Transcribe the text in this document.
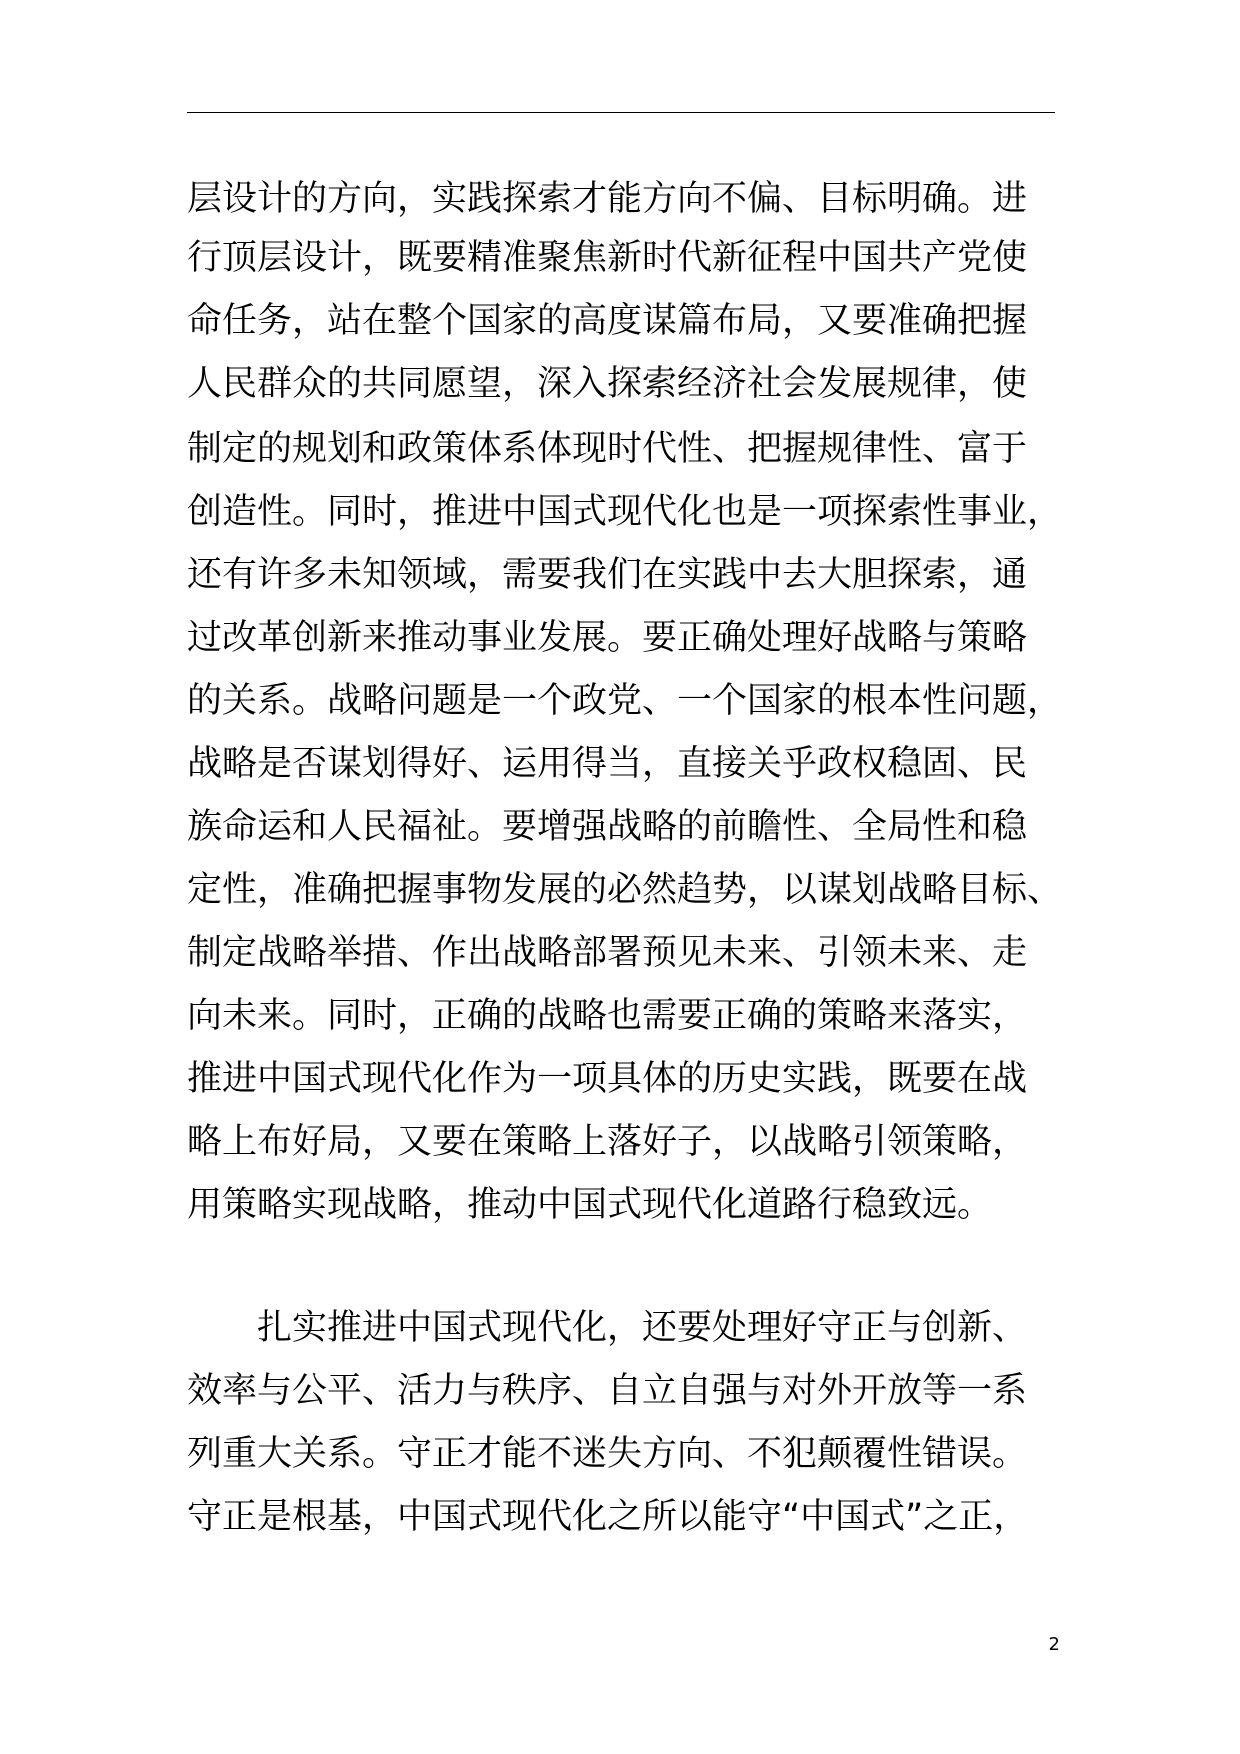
层设计的方向，实践探索才能方向不偏、目标明确。进
行顶层设计，既要精准聚焦新时代新征程中国共产党使
命任务，站在整个国家的高度谋篇布局，又要准确把握
人民群众的共同愿望，深入探索经济社会发展规律，使
制定的规划和政策体系体现时代性、把握规律性、富于
创造性。同时，推进中国式现代化也是一项探索性事业，
还有许多未知领域，需要我们在实践中去大胆探索，通
过改革创新来推动事业发展。要正确处理好战略与策略
的关系。战略问题是一个政党、一个国家的根本性问题，
战略是否谋划得好、运用得当，直接关乎政权稳固、民
族命运和人民福祉。要增强战略的前瞻性、全局性和稳
定性，准确把握事物发展的必然趋势，以谋划战略目标、
制定战略举措、作出战略部署预见未来、引领未来、走
向未来。同时，正确的战略也需要正确的策略来落实，
推进中国式现代化作为一项具体的历史实践，既要在战
略上布好局，又要在策略上落好子，以战略引领策略，
用策略实现战略，推动中国式现代化道路行稳致远。
　　扎实推进中国式现代化，还要处理好守正与创新、
效率与公平、活力与秩序、自立自强与对外开放等一系
列重大关系。守正才能不迷失方向、不犯颠覆性错误。
守正是根基，中国式现代化之所以能守“中国式”之正，
2
